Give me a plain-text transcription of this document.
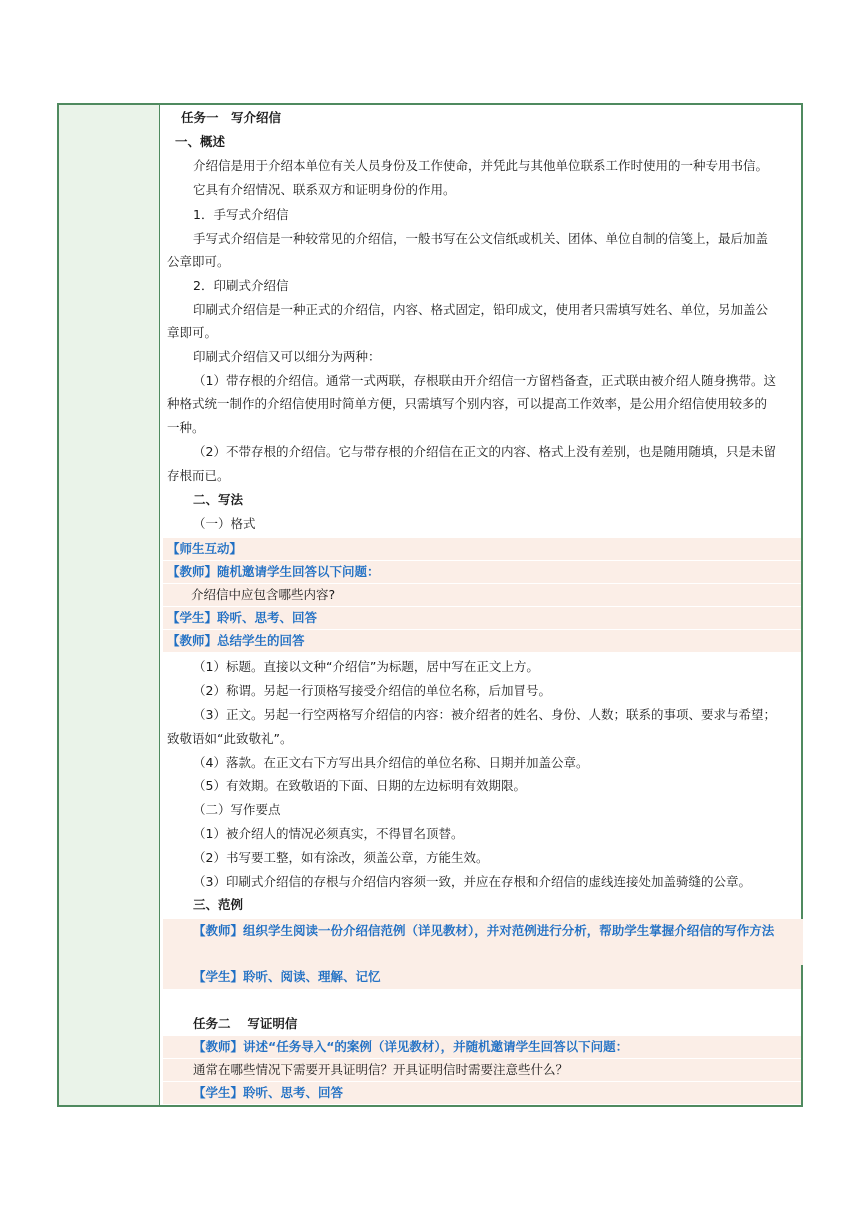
任务一　写介绍信
一、概述
介绍信是用于介绍本单位有关人员身份及工作使命，并凭此与其他单位联系工作时使用的一种专用书信。
它具有介绍情况、联系双方和证明身份的作用。
1．手写式介绍信
手写式介绍信是一种较常见的介绍信，一般书写在公文信纸或机关、团体、单位自制的信笺上，最后加盖
公章即可。
2．印刷式介绍信
印刷式介绍信是一种正式的介绍信，内容、格式固定，铅印成文，使用者只需填写姓名、单位，另加盖公
章即可。
印刷式介绍信又可以细分为两种：
（1）带存根的介绍信。通常一式两联，存根联由开介绍信一方留档备查，正式联由被介绍人随身携带。这
种格式统一制作的介绍信使用时简单方便，只需填写个别内容，可以提高工作效率，是公用介绍信使用较多的
一种。
（2）不带存根的介绍信。它与带存根的介绍信在正文的内容、格式上没有差别，也是随用随填，只是未留
存根而已。
二、写法
（一）格式
【师生互动】
【教师】随机邀请学生回答以下问题：
介绍信中应包含哪些内容?
【学生】聆听、思考、回答
【教师】总结学生的回答
（1）标题。直接以文种“介绍信”为标题，居中写在正文上方。
（2）称谓。另起一行顶格写接受介绍信的单位名称，后加冒号。
（3）正文。另起一行空两格写介绍信的内容：被介绍者的姓名、身份、人数；联系的事项、要求与希望；
致敬语如“此致敬礼”。
（4）落款。在正文右下方写出具介绍信的单位名称、日期并加盖公章。
（5）有效期。在致敬语的下面、日期的左边标明有效期限。
（二）写作要点
（1）被介绍人的情况必须真实，不得冒名顶替。
（2）书写要工整，如有涂改，须盖公章，方能生效。
（3）印刷式介绍信的存根与介绍信内容须一致，并应在存根和介绍信的虚线连接处加盖骑缝的公章。
三、范例
【教师】组织学生阅读一份介绍信范例（详见教材），并对范例进行分析，帮助学生掌握介绍信的写作方法
【学生】聆听、阅读、理解、记忆
任务二　 写证明信
【教师】讲述“任务导入“的案例（详见教材），并随机邀请学生回答以下问题：
通常在哪些情况下需要开具证明信？开具证明信时需要注意些什么？
【学生】聆听、思考、回答
